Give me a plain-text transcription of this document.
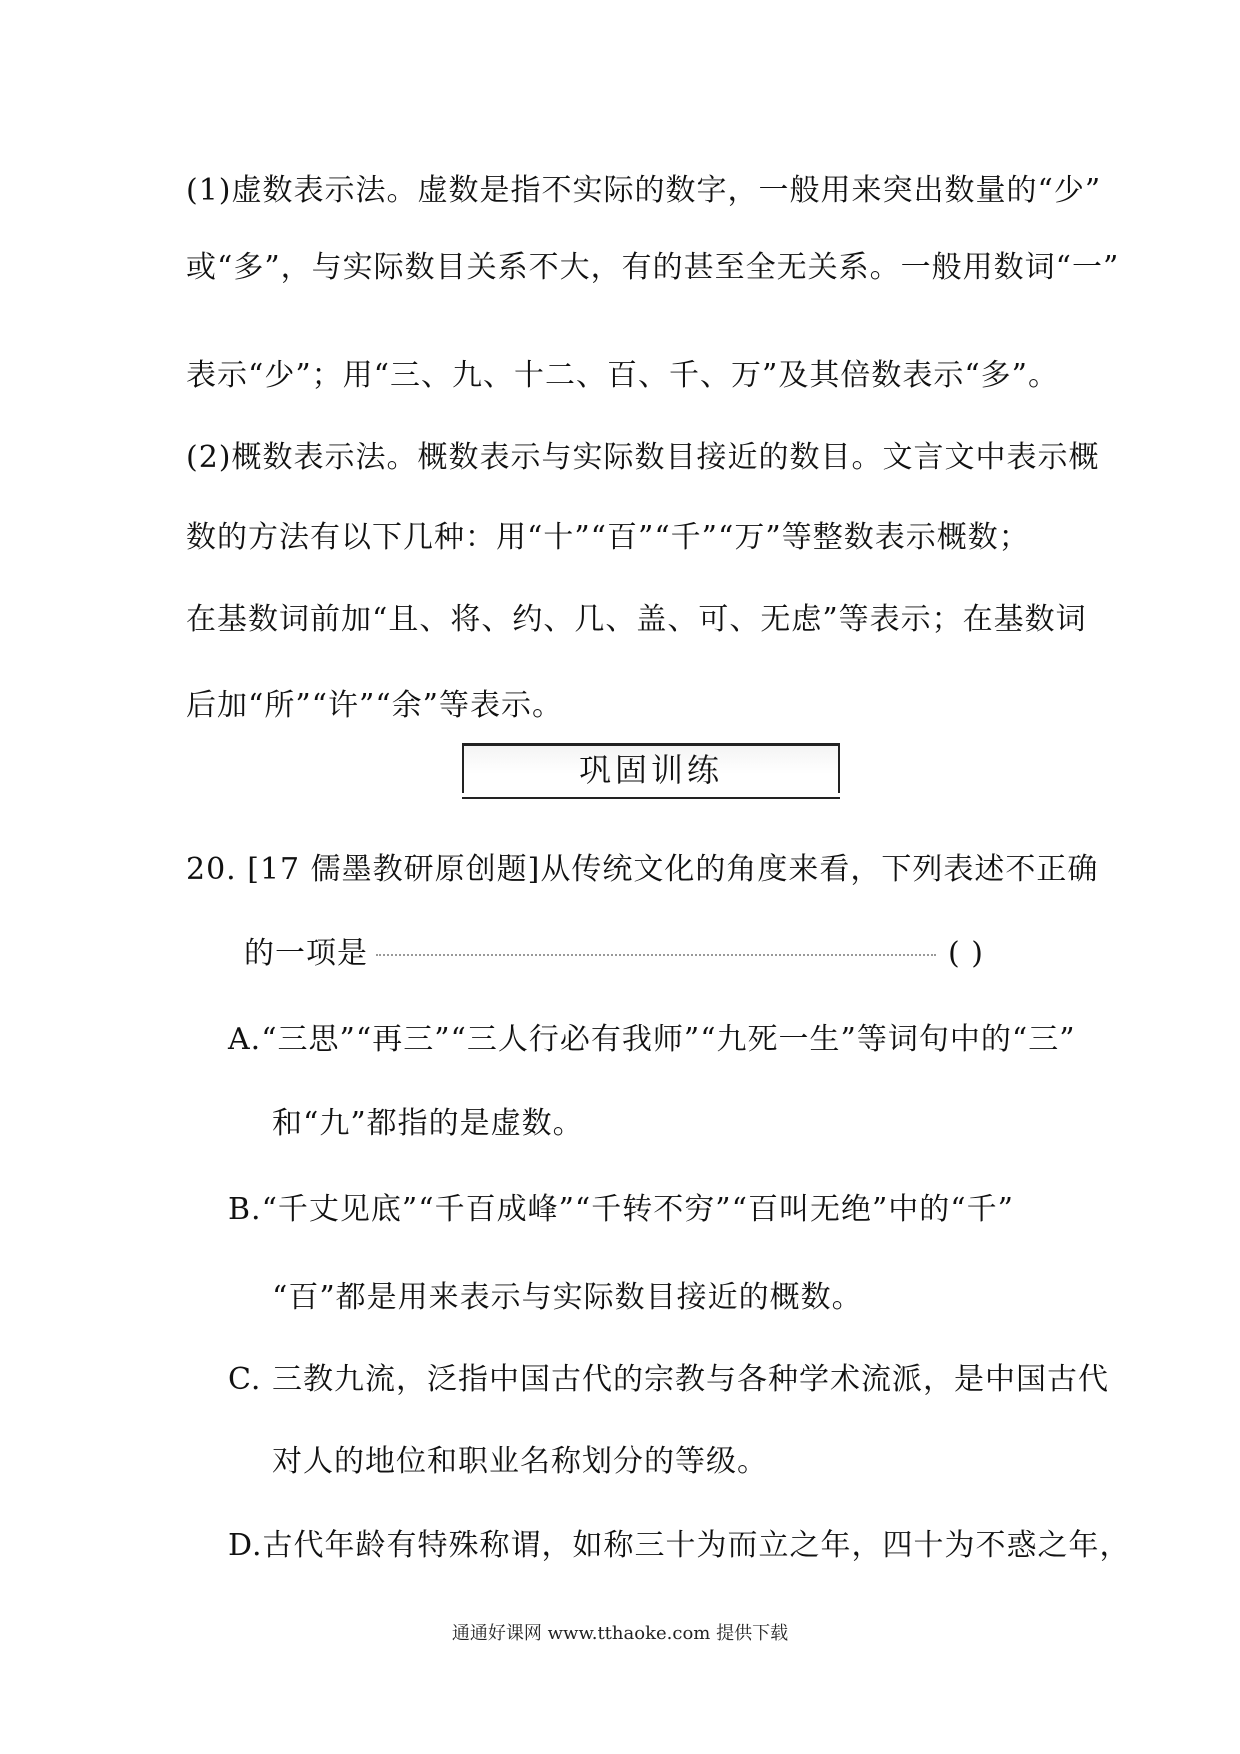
(1)虚数表示法。虚数是指不实际的数字，一般用来突出数量的“少”
或“多”，与实际数目关系不大，有的甚至全无关系。一般用数词“一”
表示“少”；用“三、九、十二、百、千、万”及其倍数表示“多”。
(2)概数表示法。概数表示与实际数目接近的数目。文言文中表示概
数的方法有以下几种：用“十”“百”“千”“万”等整数表示概数；
在基数词前加“且、将、约、几、盖、可、无虑”等表示；在基数词
后加“所”“许”“余”等表示。
巩固训练
20. [17 儒墨教研原创题]从传统文化的角度来看，下列表述不正确
的一项是	( )
A.“三思”“再三”“三人行必有我师”“九死一生”等词句中的“三”
和“九”都指的是虚数。
B.“千丈见底”“千百成峰”“千转不穷”“百叫无绝”中的“千”
“百”都是用来表示与实际数目接近的概数。
C. 三教九流，泛指中国古代的宗教与各种学术流派，是中国古代
对人的地位和职业名称划分的等级。
D.古代年龄有特殊称谓，如称三十为而立之年，四十为不惑之年，
通通好课网 www.tthaoke.com 提供下载
